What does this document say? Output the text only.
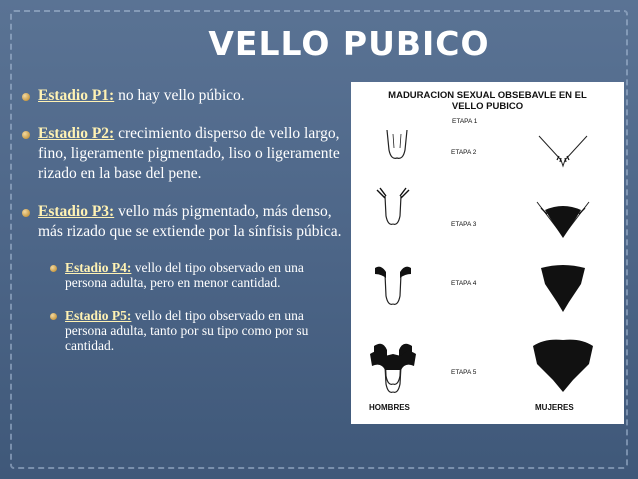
VELLO PUBICO
Estadio P1: no hay vello púbico.
Estadio P2: crecimiento disperso de vello largo, fino, ligeramente pigmentado, liso o ligeramente rizado en la base del pene.
Estadio P3: vello más pigmentado, más denso, más rizado que se extiende por la sínfisis púbica.
Estadio P4: vello del tipo observado en una persona adulta, pero en menor cantidad.
Estadio P5: vello del tipo observado en una persona adulta, tanto por su tipo como por su cantidad.
MADURACION SEXUAL OBSEBAVLE EN EL
VELLO PUBICO
ETAPA 1
ETAPA 2
ETAPA 3
ETAPA 4
ETAPA 5
HOMBRES	MUJERES
